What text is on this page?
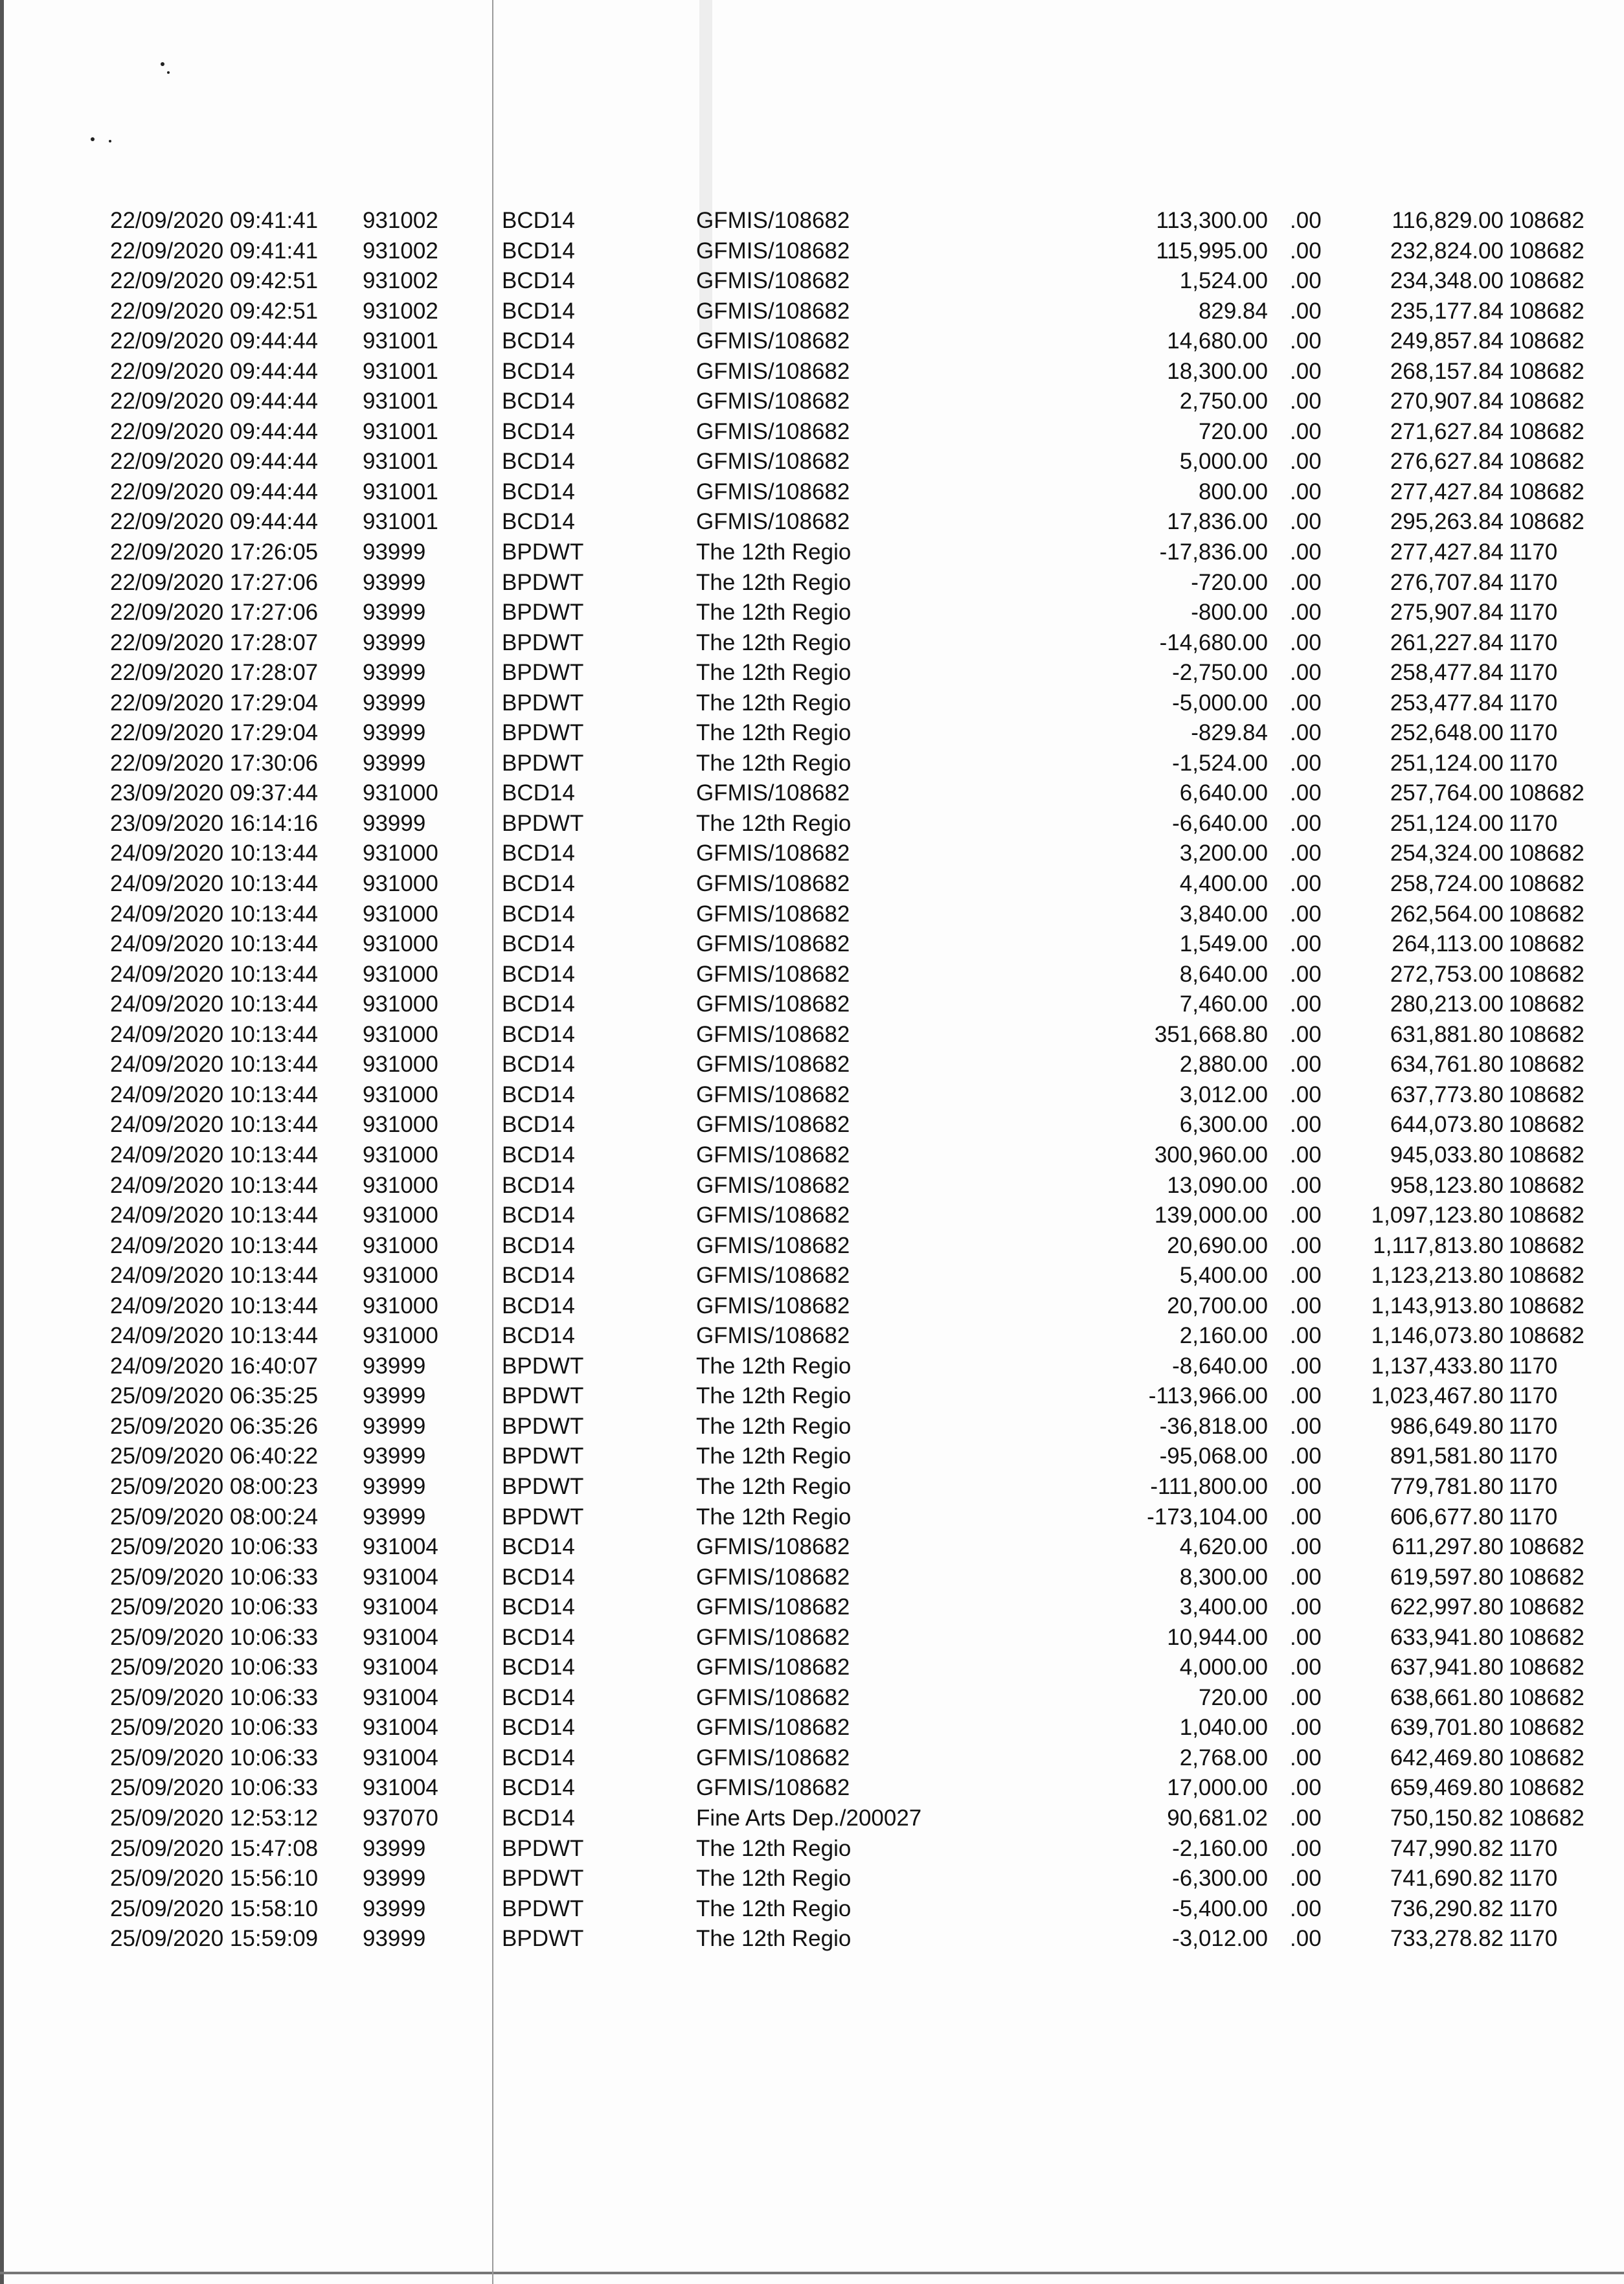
22/09/2020 09:41:41 931002	BCD14	GFMIS/108682	113,300.00 .00	116,829.00 108682
22/09/2020 09:41:41 931002	BCD14	GFMIS/108682	115,995.00 .00	232,824.00 108682
22/09/2020 09:42:51 931002	BCD14	GFMIS/108682	1,524.00 .00	234,348.00 108682
22/09/2020 09:42:51 931002	BCD14	GFMIS/108682	829.84 .00	235,177.84 108682
22/09/2020 09:44:44 931001	BCD14	GFMIS/108682	14,680.00 .00	249,857.84 108682
22/09/2020 09:44:44 931001	BCD14	GFMIS/108682	18,300.00 .00	268,157.84 108682
22/09/2020 09:44:44 931001	BCD14	GFMIS/108682	2,750.00 .00	270,907.84 108682
22/09/2020 09:44:44 931001	BCD14	GFMIS/108682	720.00 .00	271,627.84 108682
22/09/2020 09:44:44 931001	BCD14	GFMIS/108682	5,000.00 .00	276,627.84 108682
22/09/2020 09:44:44 931001	BCD14	GFMIS/108682	800.00 .00	277,427.84 108682
22/09/2020 09:44:44 931001	BCD14	GFMIS/108682	17,836.00 .00	295,263.84 108682
22/09/2020 17:26:05 93999	BPDWT	The 12th Regio	-17,836.00 .00	277,427.84 1170
22/09/2020 17:27:06 93999	BPDWT	The 12th Regio	-720.00 .00	276,707.84 1170
22/09/2020 17:27:06 93999	BPDWT	The 12th Regio	-800.00 .00	275,907.84 1170
22/09/2020 17:28:07 93999	BPDWT	The 12th Regio	-14,680.00 .00	261,227.84 1170
22/09/2020 17:28:07 93999	BPDWT	The 12th Regio	-2,750.00 .00	258,477.84 1170
22/09/2020 17:29:04 93999	BPDWT	The 12th Regio	-5,000.00 .00	253,477.84 1170
22/09/2020 17:29:04 93999	BPDWT	The 12th Regio	-829.84 .00	252,648.00 1170
22/09/2020 17:30:06 93999	BPDWT	The 12th Regio	-1,524.00 .00	251,124.00 1170
23/09/2020 09:37:44 931000	BCD14	GFMIS/108682	6,640.00 .00	257,764.00 108682
23/09/2020 16:14:16 93999	BPDWT	The 12th Regio	-6,640.00 .00	251,124.00 1170
24/09/2020 10:13:44 931000	BCD14	GFMIS/108682	3,200.00 .00	254,324.00 108682
24/09/2020 10:13:44 931000	BCD14	GFMIS/108682	4,400.00 .00	258,724.00 108682
24/09/2020 10:13:44 931000	BCD14	GFMIS/108682	3,840.00 .00	262,564.00 108682
24/09/2020 10:13:44 931000	BCD14	GFMIS/108682	1,549.00 .00	264,113.00 108682
24/09/2020 10:13:44 931000	BCD14	GFMIS/108682	8,640.00 .00	272,753.00 108682
24/09/2020 10:13:44 931000	BCD14	GFMIS/108682	7,460.00 .00	280,213.00 108682
24/09/2020 10:13:44 931000	BCD14	GFMIS/108682	351,668.80 .00	631,881.80 108682
24/09/2020 10:13:44 931000	BCD14	GFMIS/108682	2,880.00 .00	634,761.80 108682
24/09/2020 10:13:44 931000	BCD14	GFMIS/108682	3,012.00 .00	637,773.80 108682
24/09/2020 10:13:44 931000	BCD14	GFMIS/108682	6,300.00 .00	644,073.80 108682
24/09/2020 10:13:44 931000	BCD14	GFMIS/108682	300,960.00 .00	945,033.80 108682
24/09/2020 10:13:44 931000	BCD14	GFMIS/108682	13,090.00 .00	958,123.80 108682
24/09/2020 10:13:44 931000	BCD14	GFMIS/108682	139,000.00 .00 1,097,123.80 108682
24/09/2020 10:13:44 931000	BCD14	GFMIS/108682	20,690.00 .00 1,117,813.80 108682
24/09/2020 10:13:44 931000	BCD14	GFMIS/108682	5,400.00 .00 1,123,213.80 108682
24/09/2020 10:13:44 931000	BCD14	GFMIS/108682	20,700.00 .00 1,143,913.80 108682
24/09/2020 10:13:44 931000	BCD14	GFMIS/108682	2,160.00 .00 1,146,073.80 108682
24/09/2020 16:40:07 93999	BPDWT	The 12th Regio	-8,640.00 .00 1,137,433.80 1170
25/09/2020 06:35:25 93999	BPDWT	The 12th Regio	-113,966.00 .00 1,023,467.80 1170
25/09/2020 06:35:26 93999	BPDWT	The 12th Regio	-36,818.00 .00	986,649.80 1170
25/09/2020 06:40:22 93999	BPDWT	The 12th Regio	-95,068.00 .00	891,581.80 1170
25/09/2020 08:00:23 93999	BPDWT	The 12th Regio	-111,800.00 .00	779,781.80 1170
25/09/2020 08:00:24 93999	BPDWT	The 12th Regio	-173,104.00 .00	606,677.80 1170
25/09/2020 10:06:33 931004	BCD14	GFMIS/108682	4,620.00 .00	611,297.80 108682
25/09/2020 10:06:33 931004	BCD14	GFMIS/108682	8,300.00 .00	619,597.80 108682
25/09/2020 10:06:33 931004	BCD14	GFMIS/108682	3,400.00 .00	622,997.80 108682
25/09/2020 10:06:33 931004	BCD14	GFMIS/108682	10,944.00 .00	633,941.80 108682
25/09/2020 10:06:33 931004	BCD14	GFMIS/108682	4,000.00 .00	637,941.80 108682
25/09/2020 10:06:33 931004	BCD14	GFMIS/108682	720.00 .00	638,661.80 108682
25/09/2020 10:06:33 931004	BCD14	GFMIS/108682	1,040.00 .00	639,701.80 108682
25/09/2020 10:06:33 931004	BCD14	GFMIS/108682	2,768.00 .00	642,469.80 108682
25/09/2020 10:06:33 931004	BCD14	GFMIS/108682	17,000.00 .00	659,469.80 108682
25/09/2020 12:53:12 937070	BCD14	Fine Arts Dep./200027	90,681.02 .00	750,150.82 108682
25/09/2020 15:47:08 93999	BPDWT	The 12th Regio	-2,160.00 .00	747,990.82 1170
25/09/2020 15:56:10 93999	BPDWT	The 12th Regio	-6,300.00 .00	741,690.82 1170
25/09/2020 15:58:10 93999	BPDWT	The 12th Regio	-5,400.00 .00	736,290.82 1170
25/09/2020 15:59:09 93999	BPDWT	The 12th Regio	-3,012.00 .00	733,278.82 1170
